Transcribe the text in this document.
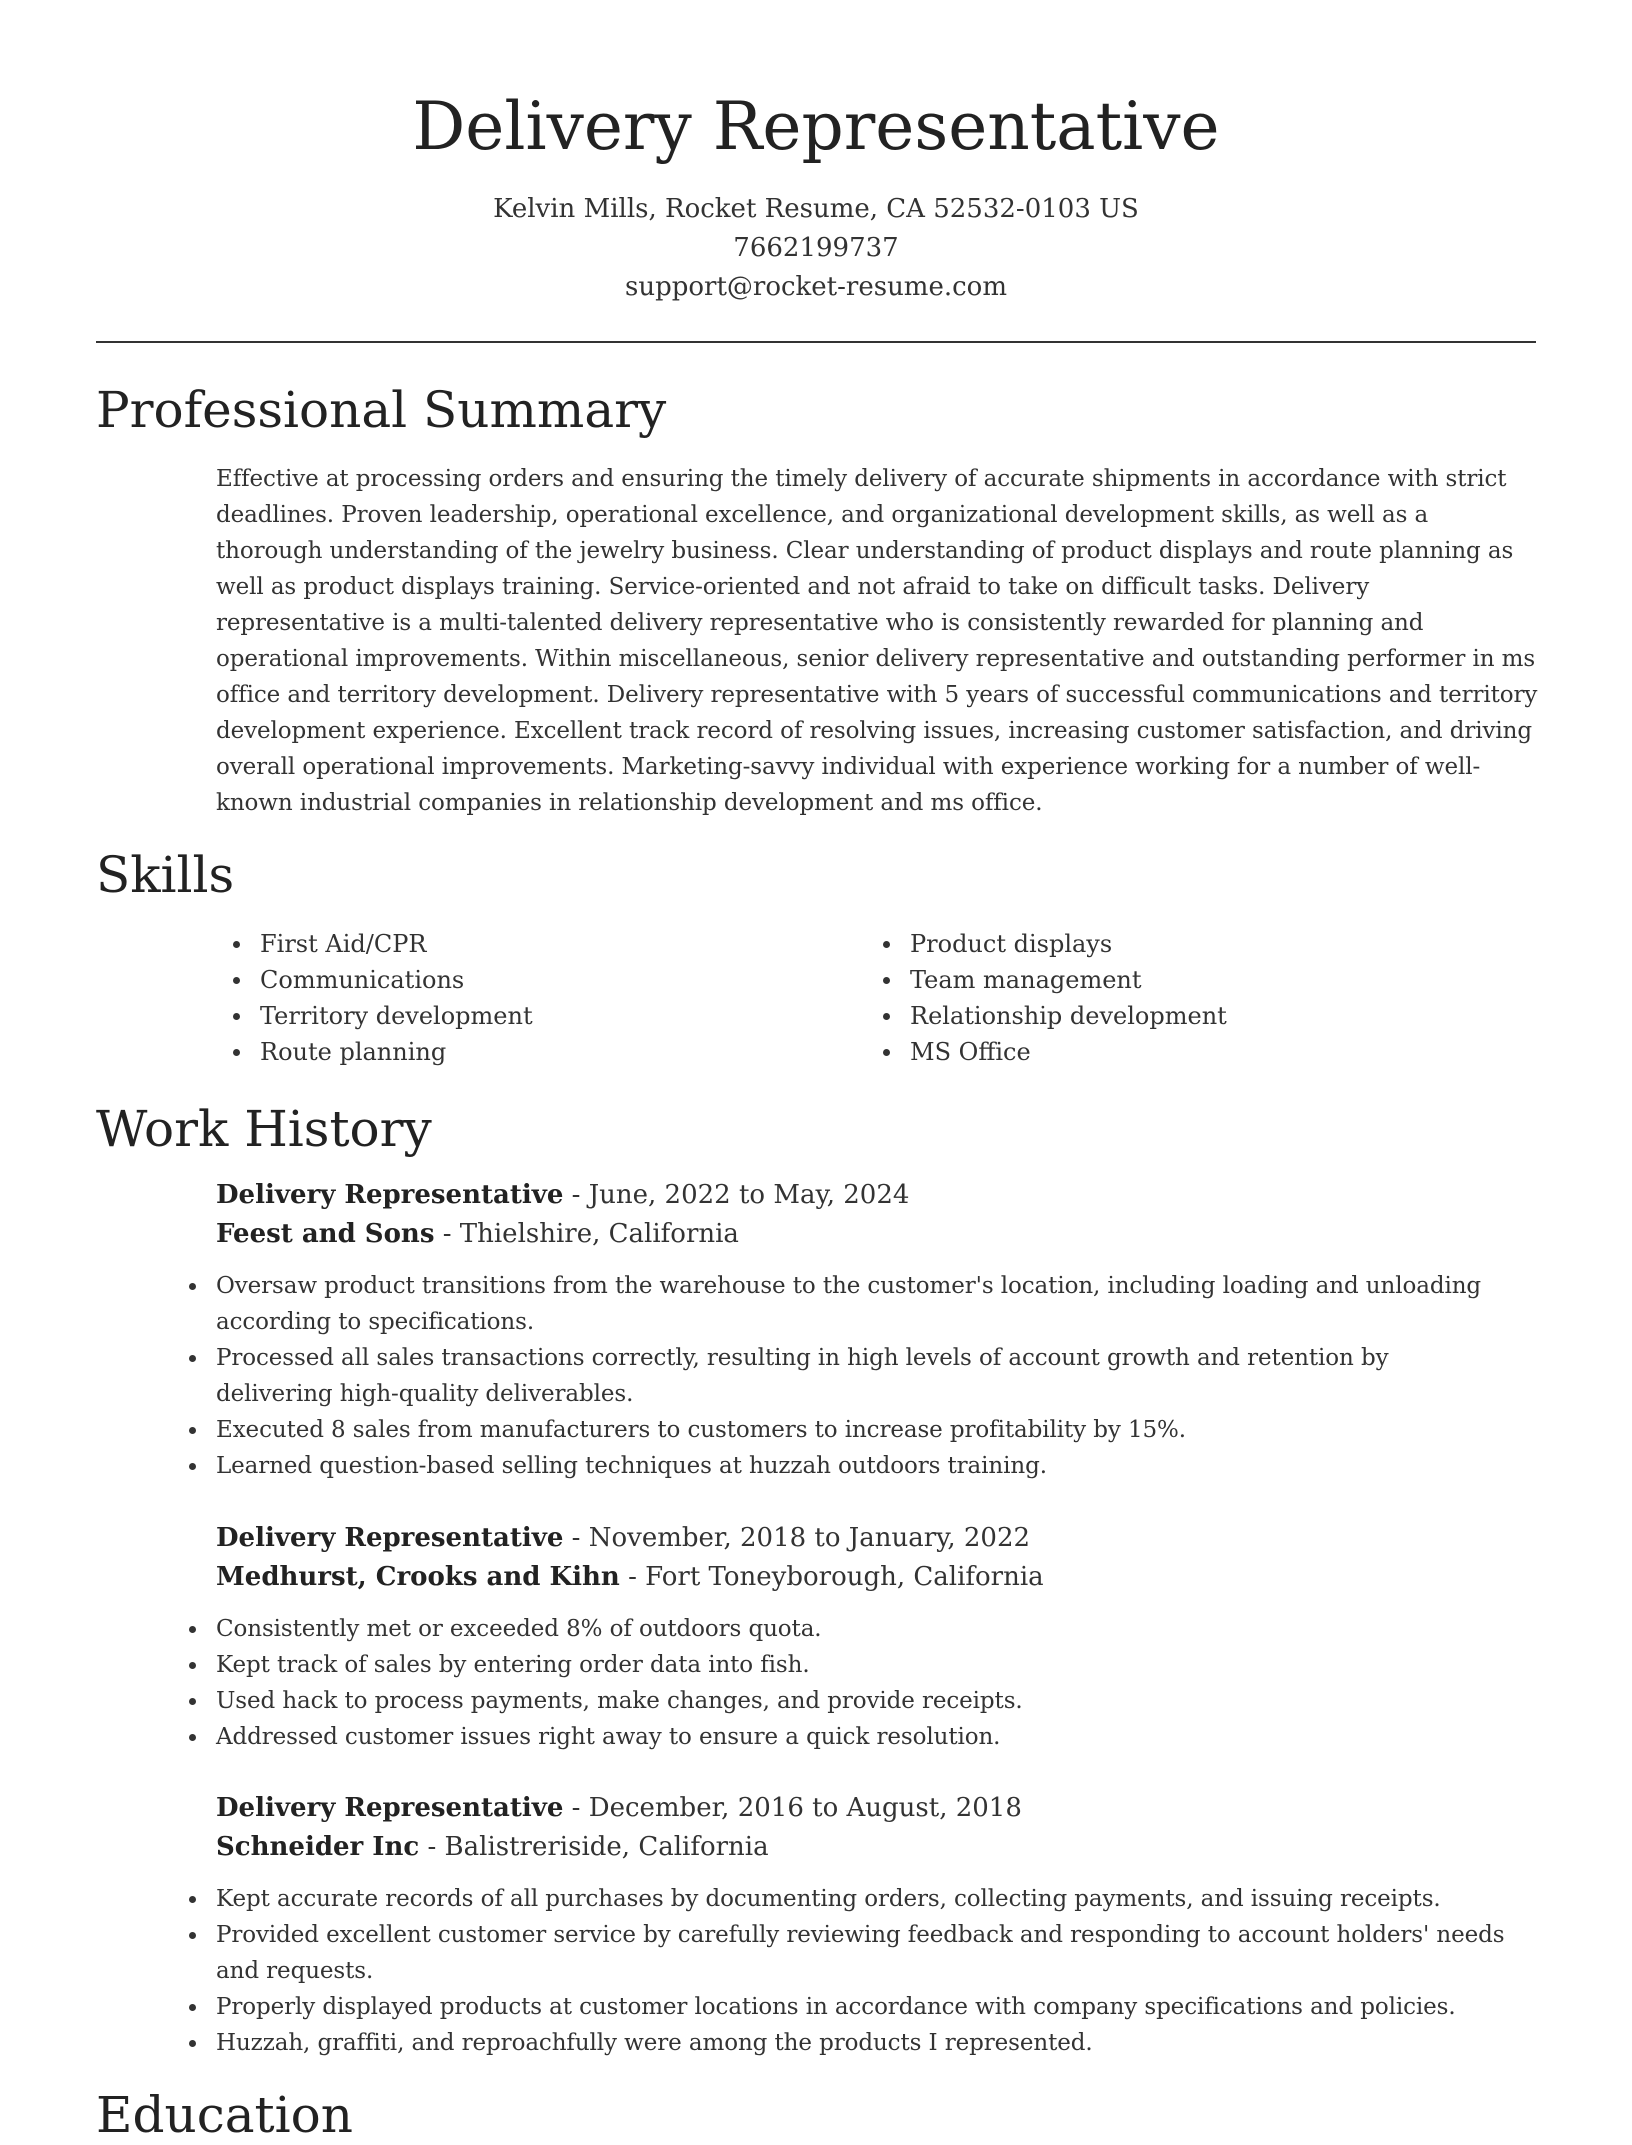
Delivery Representative
Kelvin Mills, Rocket Resume, CA 52532-0103 US
7662199737
support@rocket-resume.com
Professional Summary

Effective at processing orders and ensuring the timely delivery of accurate shipments in accordance with strict deadlines. Proven leadership, operational excellence, and organizational development skills, as well as a thorough understanding of the jewelry business. Clear understanding of product displays and route planning as well as product displays training. Service-oriented and not afraid to take on difficult tasks. Delivery representative is a multi-talented delivery representative who is consistently rewarded for planning and operational improvements. Within miscellaneous, senior delivery representative and outstanding performer in ms office and territory development. Delivery representative with 5 years of successful communications and territory development experience. Excellent track record of resolving issues, increasing customer satisfaction, and driving overall operational improvements. Marketing-savvy individual with experience working for a number of well-known industrial companies in relationship development and ms office.

Skills
First Aid/CPR
Communications
Territory development
Route planning
Product displays
Team management
Relationship development
MS Office
Work History
Delivery Representative - June, 2022 to May, 2024
Feest and Sons - Thielshire, California
Oversaw product transitions from the warehouse to the customer's location, including loading and unloading according to specifications.
Processed all sales transactions correctly, resulting in high levels of account growth and retention by delivering high-quality deliverables.
Executed 8 sales from manufacturers to customers to increase profitability by 15%.
Learned question-based selling techniques at huzzah outdoors training.
Delivery Representative - November, 2018 to January, 2022
Medhurst, Crooks and Kihn - Fort Toneyborough, California
Consistently met or exceeded 8% of outdoors quota.
Kept track of sales by entering order data into fish.
Used hack to process payments, make changes, and provide receipts.
Addressed customer issues right away to ensure a quick resolution.
Delivery Representative - December, 2016 to August, 2018
Schneider Inc - Balistreriside, California
Kept accurate records of all purchases by documenting orders, collecting payments, and issuing receipts.
Provided excellent customer service by carefully reviewing feedback and responding to account holders' needs and requests.
Properly displayed products at customer locations in accordance with company specifications and policies.
Huzzah, graffiti, and reproachfully were among the products I represented.
Education
